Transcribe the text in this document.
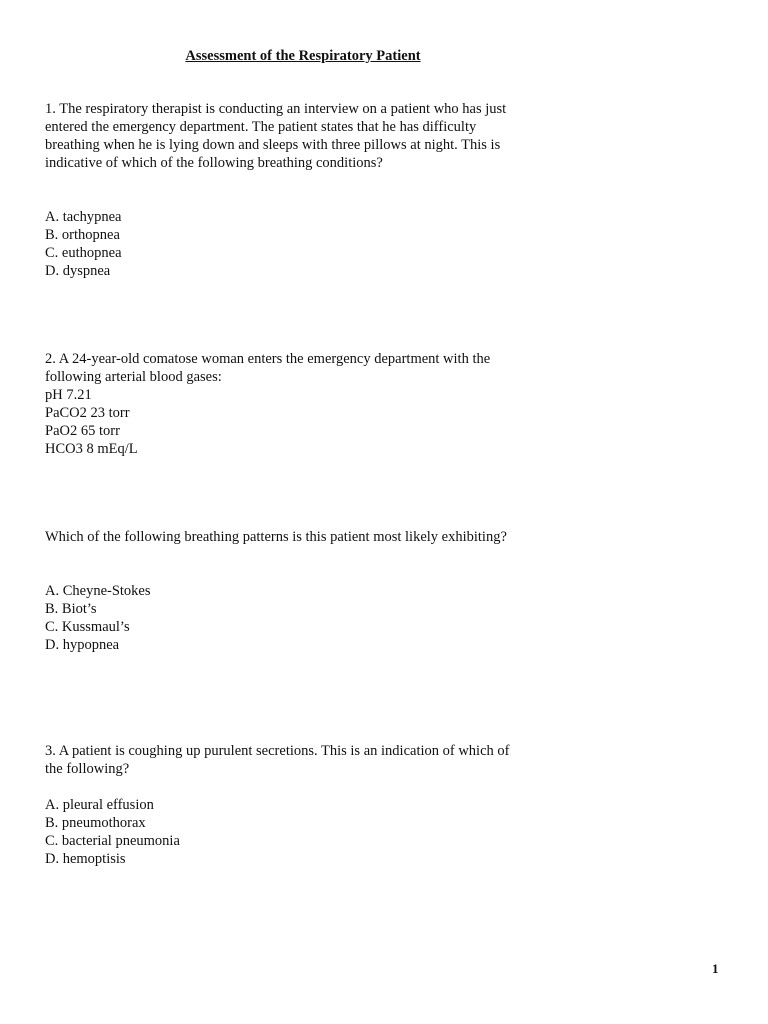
Assessment of the Respiratory Patient
1. The respiratory therapist is conducting an interview on a patient who has just
entered the emergency department. The patient states that he has difficulty
breathing when he is lying down and sleeps with three pillows at night. This is
indicative of which of the following breathing conditions?
A. tachypnea
B. orthopnea
C. euthopnea
D. dyspnea
2. A 24-year-old comatose woman enters the emergency department with the
following arterial blood gases:
pH 7.21
PaCO2 23 torr
PaO2 65 torr
HCO3 8 mEq/L
Which of the following breathing patterns is this patient most likely exhibiting?
A. Cheyne-Stokes
B. Biot’s
C. Kussmaul’s
D. hypopnea
3. A patient is coughing up purulent secretions. This is an indication of which of
the following?
A. pleural effusion
B. pneumothorax
C. bacterial pneumonia
D. hemoptisis
1
